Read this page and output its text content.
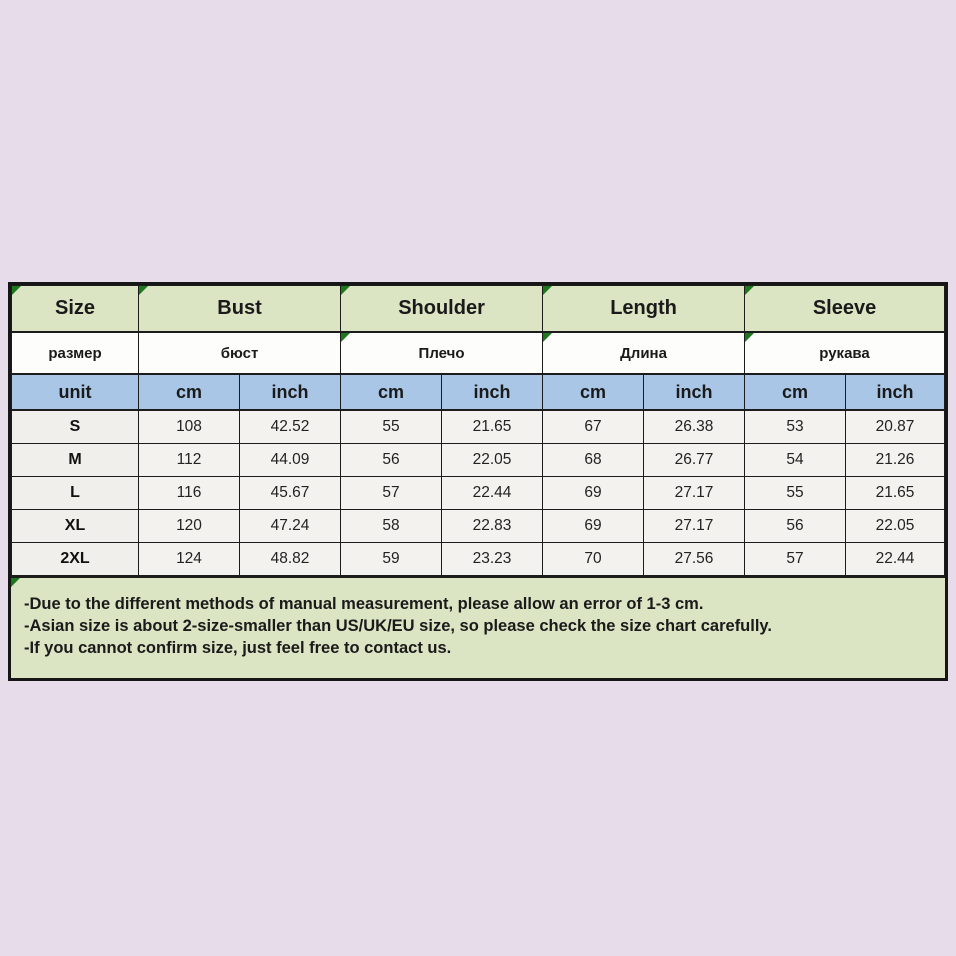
Size	Bust		Shoulder		Length		Sleeve	
размер	бюст		Плечо		Длина		рукава	
unit	cm	inch	cm	inch	cm	inch	cm	inch
S	108	42.52	55	21.65	67	26.38	53	20.87
M	112	44.09	56	22.05	68	26.77	54	21.26
L	116	45.67	57	22.44	69	27.17	55	21.65
XL	120	47.24	58	22.83	69	27.17	56	22.05
2XL	124	48.82	59	23.23	70	27.56	57	22.44
-Due to the different methods of manual measurement, please allow an error of 1-3 cm.
-Asian size is about 2-size-smaller than US/UK/EU size, so please check the size chart carefully.
-If you cannot confirm size, just feel free to contact us.
